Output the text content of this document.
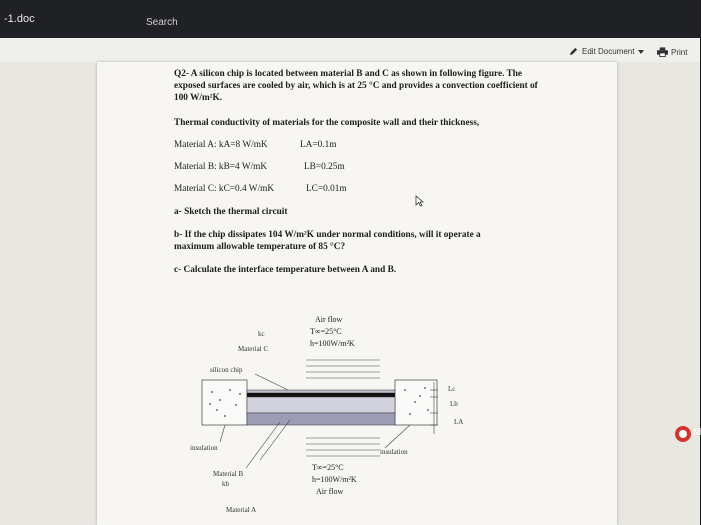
-1.doc	Search
Edit Document	Print
Q2- A silicon chip is located between material B and C as shown in following figure. The
exposed surfaces are cooled by air, which is at 25 °C and provides a convection coefficient of
100 W/m²K.
Thermal conductivity of materials for the composite wall and their thickness,
Material A: kA=8 W/mK	LA=0.1m
Material B: kB=4 W/mK	LB=0.25m
Material C: kC=0.4 W/mK	LC=0.01m
a- Sketch the thermal circuit
b- If the chip dissipates 104 W/m²K under normal conditions, will it operate a
maximum allowable temperature of 85 °C?
c- Calculate the interface temperature between A and B.
Air flow
T∞=25°C
h=100W/m²K
kc
Material C
silicon chip
insulation	insulation
Lc
Lb
LA
T∞=25°C
h=100W/m²K
Air flow
Material B
kb
Material A
M
